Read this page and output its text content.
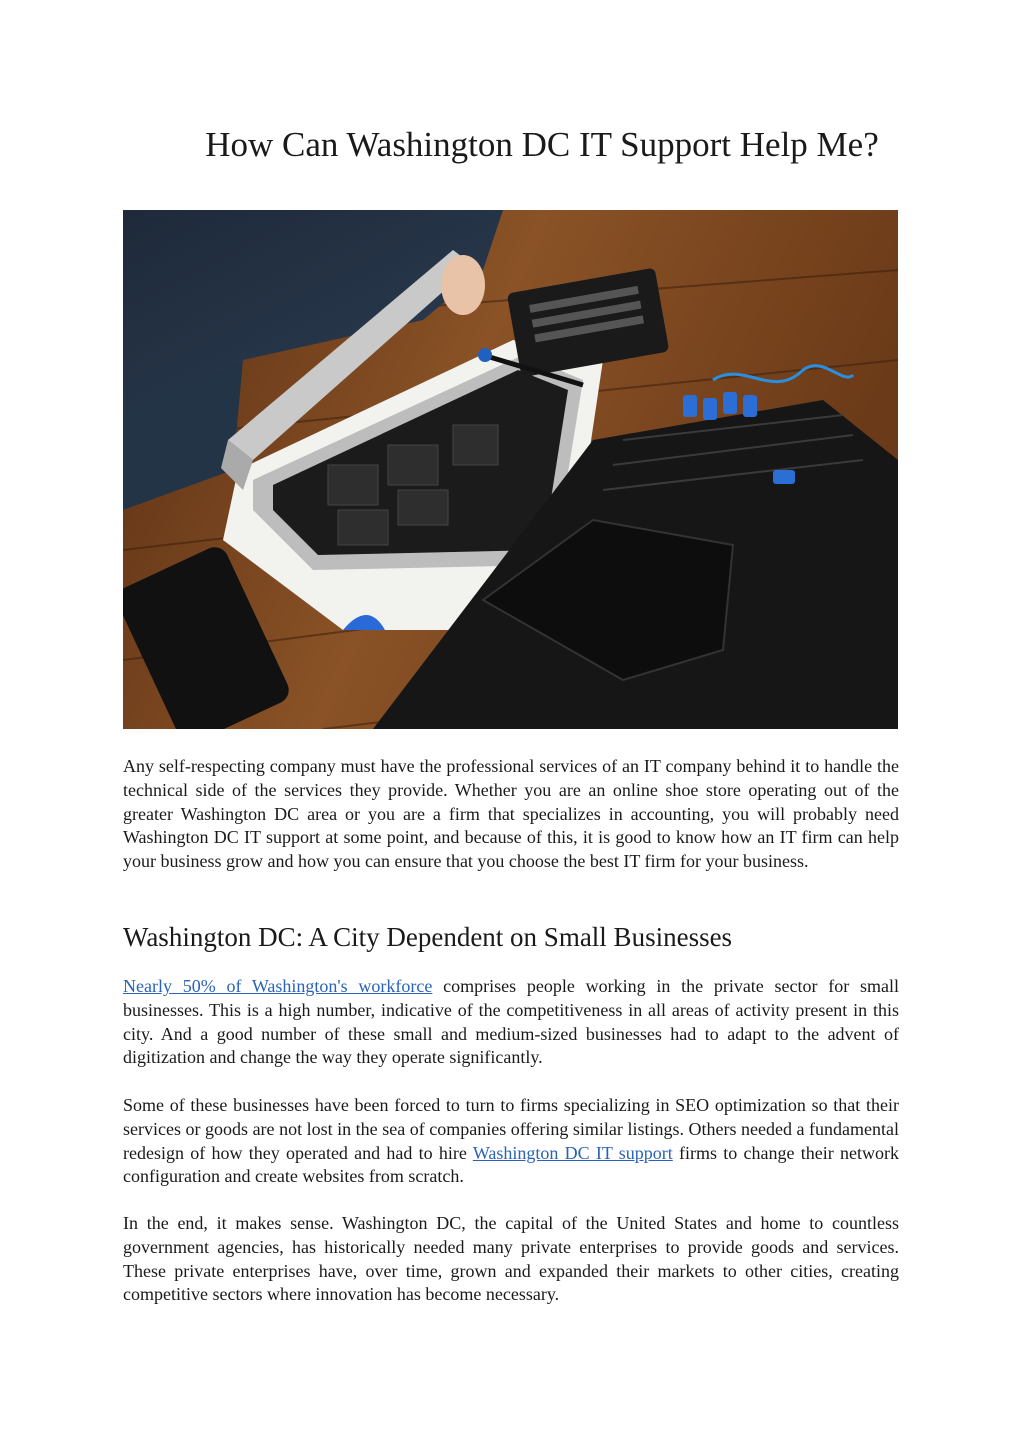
How Can Washington DC IT Support Help Me?

Any self-respecting company must have the professional services of an IT company behind it to handle the technical side of the services they provide. Whether you are an online shoe store operating out of the greater Washington DC area or you are a firm that specializes in accounting, you will probably need Washington DC IT support at some point, and because of this, it is good to know how an IT firm can help your business grow and how you can ensure that you choose the best IT firm for your business.

Washington DC: A City Dependent on Small Businesses

Nearly 50% of Washington's workforce comprises people working in the private sector for small businesses. This is a high number, indicative of the competitiveness in all areas of activity present in this city. And a good number of these small and medium-sized businesses had to adapt to the advent of digitization and change the way they operate significantly.

Some of these businesses have been forced to turn to firms specializing in SEO optimization so that their services or goods are not lost in the sea of companies offering similar listings. Others needed a fundamental redesign of how they operated and had to hire Washington DC IT support firms to change their network configuration and create websites from scratch.

In the end, it makes sense. Washington DC, the capital of the United States and home to countless government agencies, has historically needed many private enterprises to provide goods and services. These private enterprises have, over time, grown and expanded their markets to other cities, creating competitive sectors where innovation has become necessary.
